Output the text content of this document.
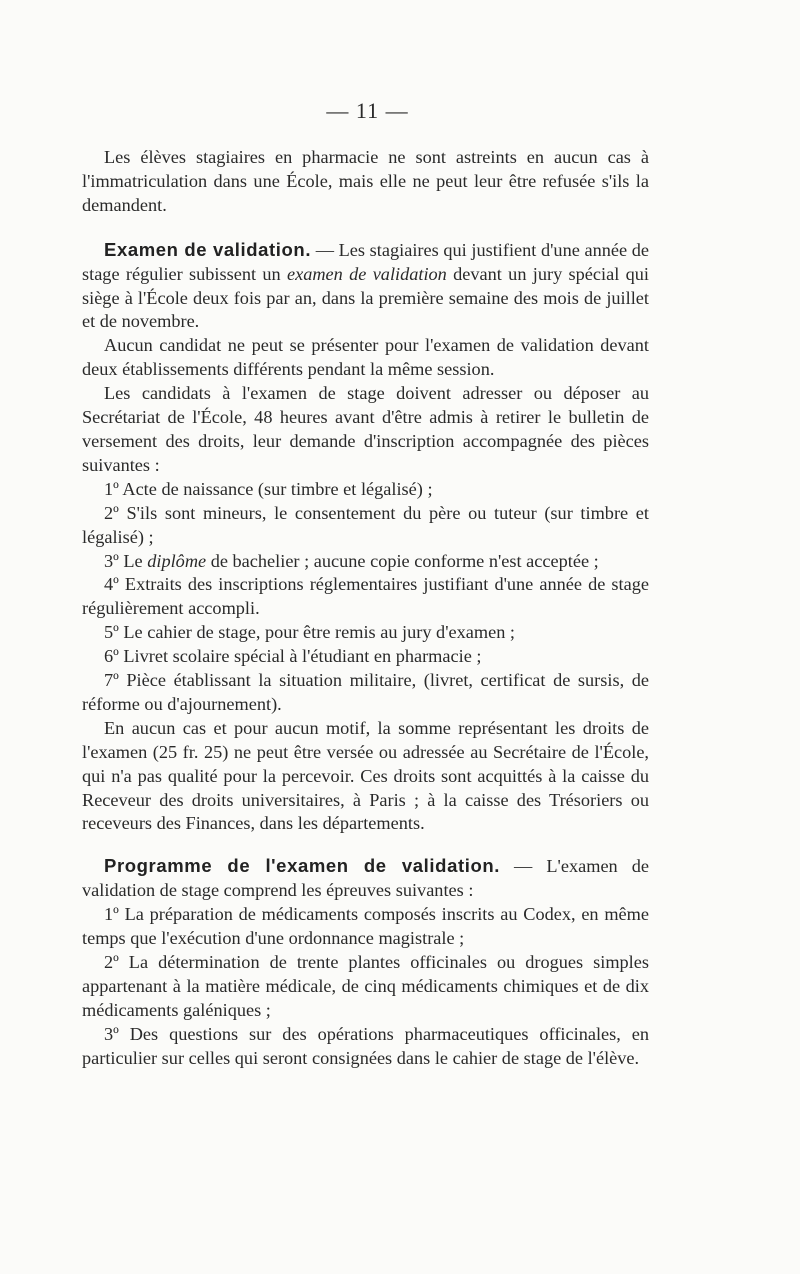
— 11 —

Les élèves stagiaires en pharmacie ne sont astreints en aucun cas à l'immatriculation dans une École, mais elle ne peut leur être refusée s'ils la demandent.

Examen de validation. — Les stagiaires qui justifient d'une année de stage régulier subissent un examen de validation devant un jury spécial qui siège à l'École deux fois par an, dans la première semaine des mois de juillet et de novembre.

Aucun candidat ne peut se présenter pour l'examen de validation devant deux établissements différents pendant la même session.

Les candidats à l'examen de stage doivent adresser ou déposer au Secrétariat de l'École, 48 heures avant d'être admis à retirer le bulletin de versement des droits, leur demande d'inscription accompagnée des pièces suivantes :

1º Acte de naissance (sur timbre et légalisé) ;

2º S'ils sont mineurs, le consentement du père ou tuteur (sur timbre et légalisé) ;

3º Le diplôme de bachelier ; aucune copie conforme n'est acceptée ;

4º Extraits des inscriptions réglementaires justifiant d'une année de stage régulièrement accompli.

5º Le cahier de stage, pour être remis au jury d'examen ;

6º Livret scolaire spécial à l'étudiant en pharmacie ;

7º Pièce établissant la situation militaire, (livret, certificat de sursis, de réforme ou d'ajournement).

En aucun cas et pour aucun motif, la somme représentant les droits de l'examen (25 fr. 25) ne peut être versée ou adressée au Secrétaire de l'École, qui n'a pas qualité pour la percevoir. Ces droits sont acquittés à la caisse du Receveur des droits universitaires, à Paris ; à la caisse des Trésoriers ou receveurs des Finances, dans les départements.

Programme de l'examen de validation. — L'examen de validation de stage comprend les épreuves suivantes :

1º La préparation de médicaments composés inscrits au Codex, en même temps que l'exécution d'une ordonnance magistrale ;

2º La détermination de trente plantes officinales ou drogues simples appartenant à la matière médicale, de cinq médicaments chimiques et de dix médicaments galéniques ;

3º Des questions sur des opérations pharmaceutiques officinales, en particulier sur celles qui seront consignées dans le cahier de stage de l'élève.
